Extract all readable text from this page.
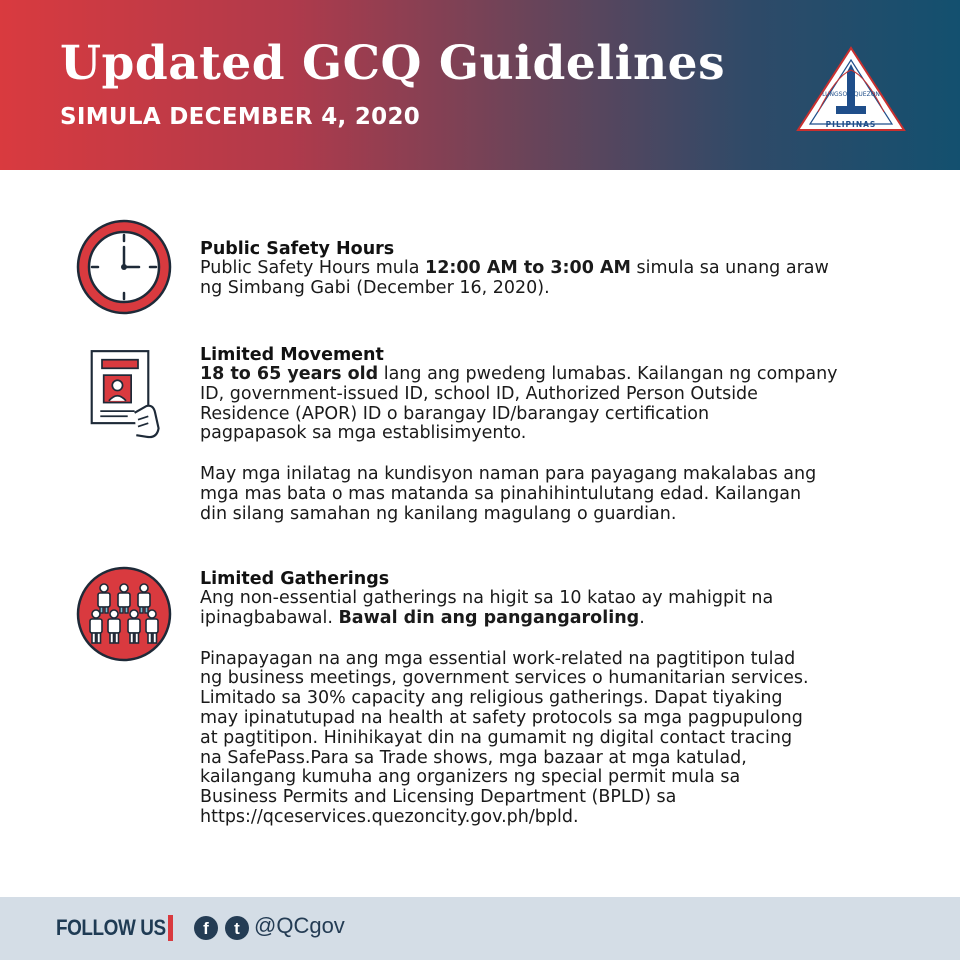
Updated GCQ Guidelines
SIMULA DECEMBER 4, 2020
LUNGSOD QUEZON
PILIPINAS

Public Safety Hours

Public Safety Hours mula 12:00 AM to 3:00 AM simula sa unang araw
ng Simbang Gabi (December 16, 2020).

Limited Movement

18 to 65 years old lang ang pwedeng lumabas. Kailangan ng company
ID, government-issued ID, school ID, Authorized Person Outside
Residence (APOR) ID o barangay ID/barangay certification
pagpapasok sa mga establisimyento.
May mga inilatag na kundisyon naman para payagang makalabas ang
mga mas bata o mas matanda sa pinahihintulutang edad. Kailangan
din silang samahan ng kanilang magulang o guardian.

Limited Gatherings

Ang non-essential gatherings na higit sa 10 katao ay mahigpit na
ipinagbabawal. Bawal din ang pangangaroling.
Pinapayagan na ang mga essential work-related na pagtitipon tulad
ng business meetings, government services o humanitarian services.
Limitado sa 30% capacity ang religious gatherings. Dapat tiyaking
may ipinatutupad na health at safety protocols sa mga pagpupulong
at pagtitipon. Hinihikayat din na gumamit ng digital contact tracing
na SafePass.Para sa Trade shows, mga bazaar at mga katulad,
kailangang kumuha ang organizers ng special permit mula sa
Business Permits and Licensing Department (BPLD) sa
https://qceservices.quezoncity.gov.ph/bpld.
FOLLOW US	f	t @QCgov
